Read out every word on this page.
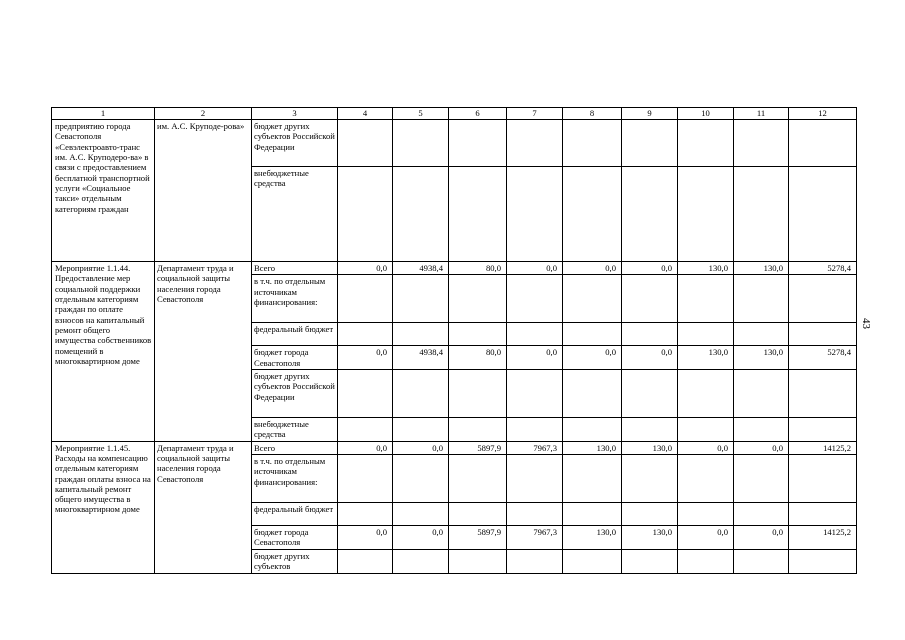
1	2	3	4	5	6	7	8	9	10	11	12
предприятию города Севастополя «Севэлектроавто-транс им. А.С. Круподеро-ва» в связи с предоставлением бесплатной транспортной услуги «Социальное такси» отдельным категориям граждан	им. А.С. Круподе-рова»	бюджет других субъектов Российской Федерации									
		внебюджетные средства									
Мероприятие 1.1.44. Предоставление мер социальной поддержки отдельным категориям граждан по оплате взносов на капитальный ремонт общего имущества собственников помещений в многоквартирном доме	Департамент труда и социальной защиты населения города Севастополя	Всего	0,0	4938,4	80,0	0,0	0,0	0,0	130,0	130,0	5278,4
		в т.ч. по отдельным источникам финансирования:									
		федеральный бюджет									
		бюджет города Севастополя	0,0	4938,4	80,0	0,0	0,0	0,0	130,0	130,0	5278,4
		бюджет других субъектов Российской Федерации									
		внебюджетные средства									
Мероприятие 1.1.45. Расходы на компенсацию отдельным категориям граждан оплаты взноса на капитальный ремонт общего имущества в многоквартирном доме	Департамент труда и социальной защиты населения города Севастополя	Всего	0,0	0,0	5897,9	7967,3	130,0	130,0	0,0	0,0	14125,2
		в т.ч. по отдельным источникам финансирования:									
		федеральный бюджет									
		бюджет города Севастополя	0,0	0,0	5897,9	7967,3	130,0	130,0	0,0	0,0	14125,2
		бюджет других субъектов									
43
